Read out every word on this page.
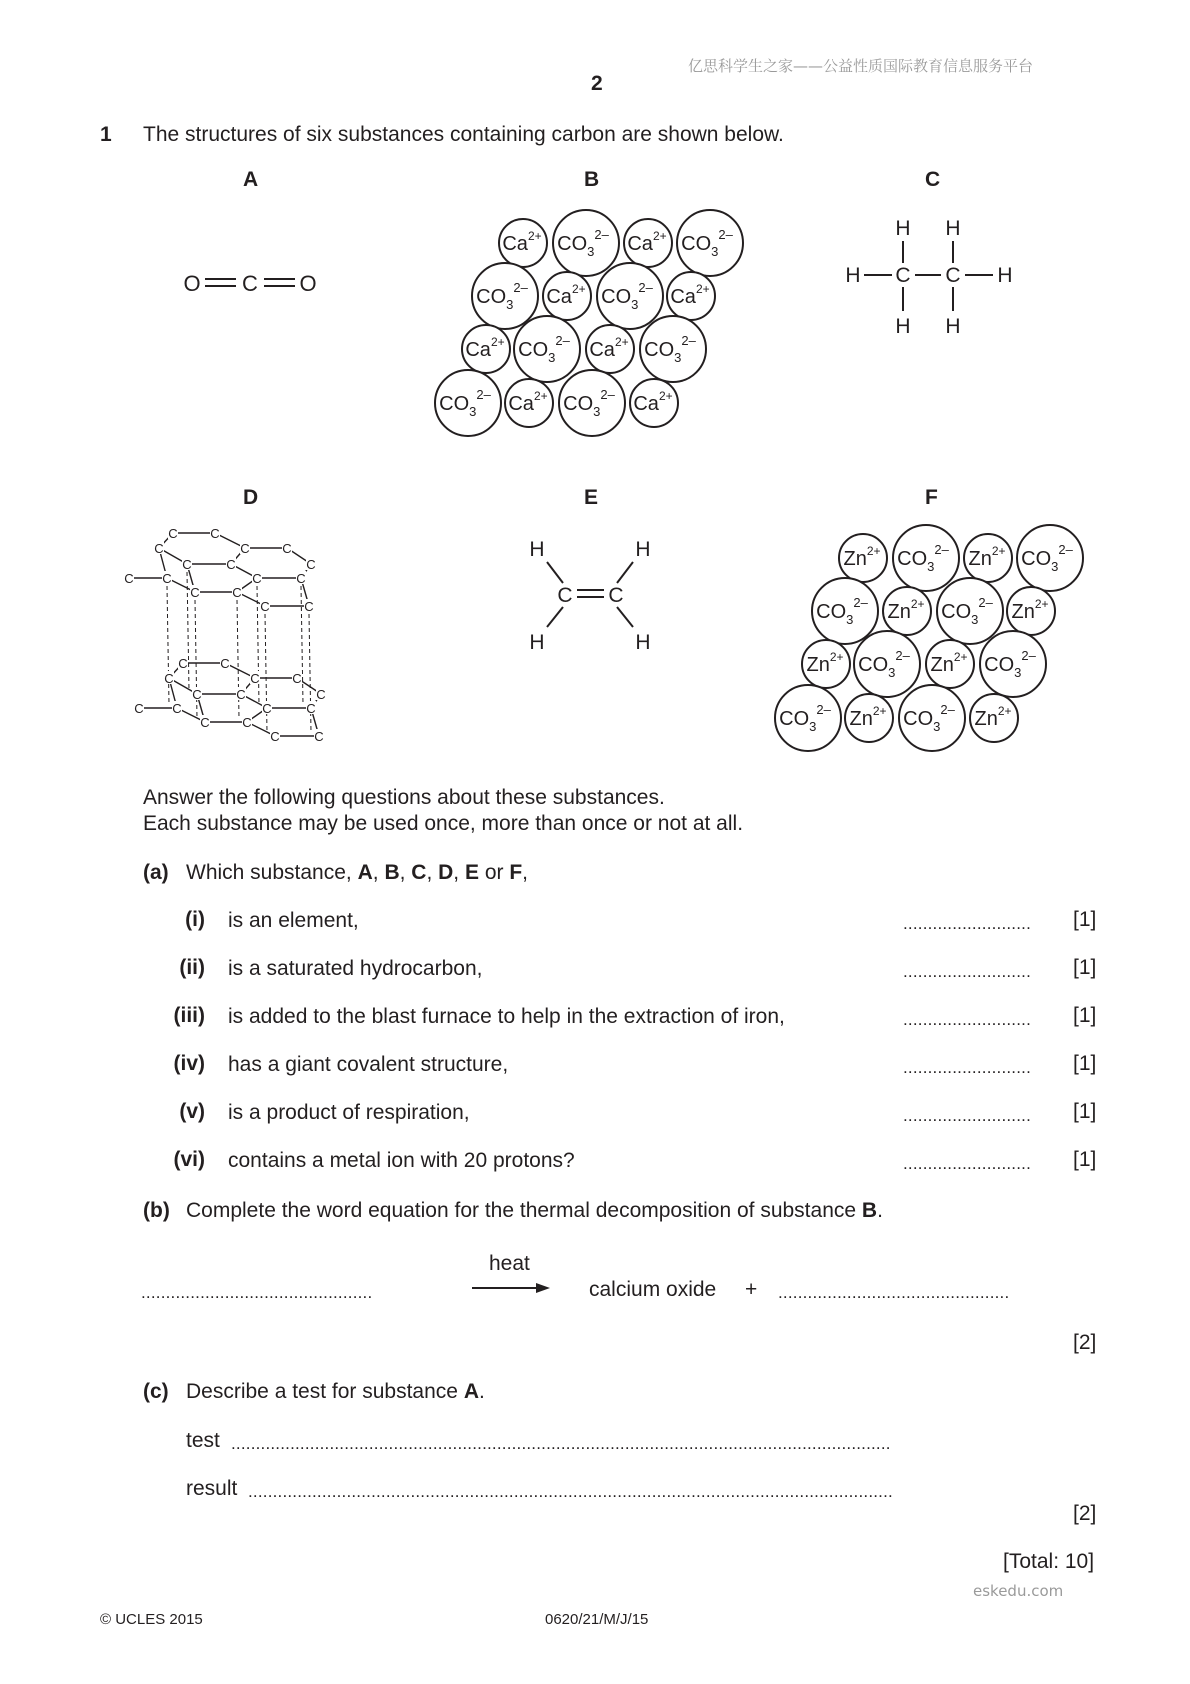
亿思科学生之家——公益性质国际教育信息服务平台
2
1 The structures of six substances containing carbon are shown below.
A	B	C
D	E	F
O C O
$Ca^{2+}$ $CO_3^{2-}$ $Ca^{2+}$ $CO_3^{2-}$
$CO_3^{2-}$ $Ca^{2+}$ $CO_3^{2-}$ $Ca^{2+}$
$Ca^{2+}$ $CO_3^{2-}$ $Ca^{2+}$ $CO_3^{2-}$
$CO_3^{2-}$ $Ca^{2+}$ $CO_3^{2-}$ $Ca^{2+}$
H H
H C C H
H H
C	C
C	C
C
C
C	C
C	C
C C
C	C
C	C
C	C
C	C
C
C
C	C
C	C
C C
C	C
C	C
H	H
C C
H	H
$Zn^{2+}$ $CO_3^{2-}$ $Zn^{2+}$ $CO_3^{2-}$
$CO_3^{2-}$ $Zn^{2+}$ $CO_3^{2-}$ $Zn^{2+}$
$Zn^{2+}$ $CO_3^{2-}$ $Zn^{2+}$ $CO_3^{2-}$
$CO_3^{2-}$ $Zn^{2+}$ $CO_3^{2-}$ $Zn^{2+}$
Answer the following questions about these substances.
Each substance may be used once, more than once or not at all.
(a) Which substance, A, B, C, D, E or F,
(i) is an element,	.......................... [1]
(ii) is a saturated hydrocarbon,	.......................... [1]
(iii) is added to the blast furnace to help in the extraction of iron,	.......................... [1]
(iv) has a giant covalent structure,	.......................... [1]
(v) is a product of respiration,	.......................... [1]
(vi) contains a metal ion with 20 protons?	.......................... [1]
(b) Complete the word equation for the thermal decomposition of substance B.
...............................................
heat
calcium oxide + ...............................................
[2]
(c) Describe a test for substance A.
test ......................................................................................................................................
result ...................................................................................................................................
[2]
[Total: 10]
eskedu.com
© UCLES 2015	0620/21/M/J/15
